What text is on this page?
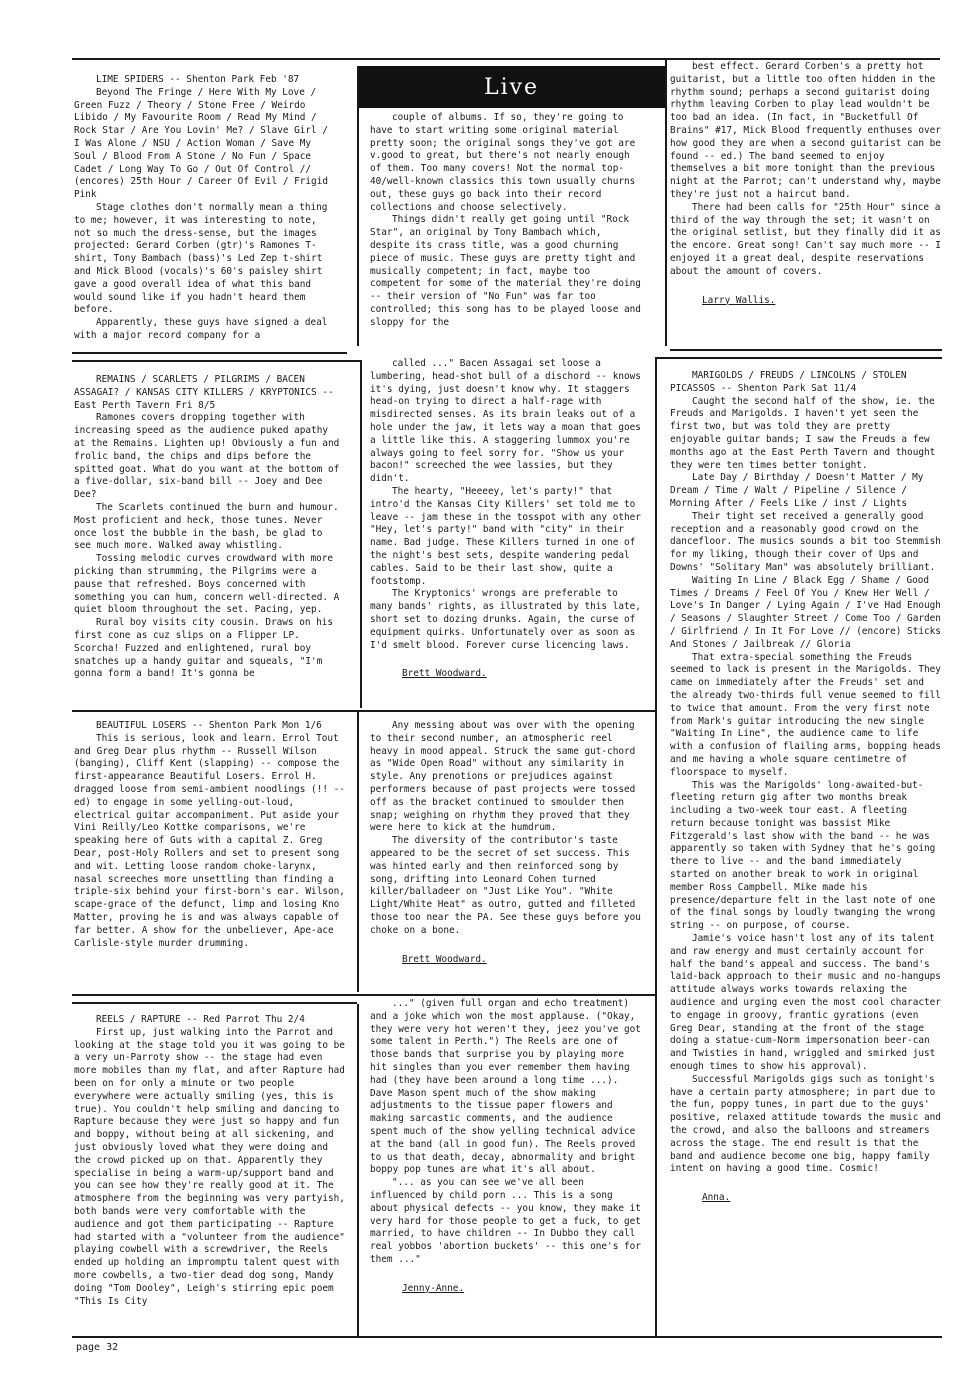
Live

LIME SPIDERS -- Shenton Park Feb '87

Beyond The Fringe / Here With My Love / Green Fuzz / Theory / Stone Free / Weirdo Libido / My Favourite Room / Read My Mind / Rock Star / Are You Lovin' Me? / Slave Girl / I Was Alone / NSU / Action Woman / Save My Soul / Blood From A Stone / No Fun / Space Cadet / Long Way To Go / Out Of Control // (encores) 25th Hour / Career Of Evil / Frigid Pink

Stage clothes don't normally mean a thing to me; however, it was interesting to note, not so much the dress-sense, but the images projected: Gerard Corben (gtr)'s Ramones T-shirt, Tony Bambach (bass)'s Led Zep t-shirt and Mick Blood (vocals)'s 60's paisley shirt gave a good overall idea of what this band would sound like if you hadn't heard them before.

Apparently, these guys have signed a deal with a major record company for a

couple of albums. If so, they're going to have to start writing some original material pretty soon; the original songs they've got are v.good to great, but there's not nearly enough of them. Too many covers! Not the normal top-40/well-known classics this town usually churns out, these guys go back into their record collections and choose selectively.

Things didn't really get going until "Rock Star", an original by Tony Bambach which, despite its crass title, was a good churning piece of music. These guys are pretty tight and musically competent; in fact, maybe too competent for some of the material they're doing -- their version of "No Fun" was far too controlled; this song has to be played loose and sloppy for the

best effect. Gerard Corben's a pretty hot guitarist, but a little too often hidden in the rhythm sound; perhaps a second guitarist doing rhythm leaving Corben to play lead wouldn't be too bad an idea. (In fact, in "Bucketfull Of Brains" #17, Mick Blood frequently enthuses over how good they are when a second guitarist can be found -- ed.) The band seemed to enjoy themselves a bit more tonight than the previous night at the Parrot; can't understand why, maybe they're just not a haircut band.

There had been calls for "25th Hour" since a third of the way through the set; it wasn't on the original setlist, but they finally did it as the encore. Great song! Can't say much more -- I enjoyed it a great deal, despite reservations about the amount of covers.

Larry Wallis.

REMAINS / SCARLETS / PILGRIMS / BACEN ASSAGAI? / KANSAS CITY KILLERS / KRYPTONICS -- East Perth Tavern Fri 8/5

Ramones covers dropping together with increasing speed as the audience puked apathy at the Remains. Lighten up! Obviously a fun and frolic band, the chips and dips before the spitted goat. What do you want at the bottom of a five-dollar, six-band bill -- Joey and Dee Dee?

The Scarlets continued the burn and humour. Most proficient and heck, those tunes. Never once lost the bubble in the bash, be glad to see much more. Walked away whistling.

Tossing melodic curves crowdward with more picking than strumming, the Pilgrims were a pause that refreshed. Boys concerned with something you can hum, concern well-directed. A quiet bloom throughout the set. Pacing, yep.

Rural boy visits city cousin. Draws on his first cone as cuz slips on a Flipper LP. Scorcha! Fuzzed and enlightened, rural boy snatches up a handy guitar and squeals, "I'm gonna form a band! It's gonna be

called ..." Bacen Assagai set loose a lumbering, head-shot bull of a dischord -- knows it's dying, just doesn't know why. It staggers head-on trying to direct a half-rage with misdirected senses. As its brain leaks out of a hole under the jaw, it lets way a moan that goes a little like this. A staggering lummox you're always going to feel sorry for. "Show us your bacon!" screeched the wee lassies, but they didn't.

The hearty, "Heeeey, let's party!" that intro'd the Kansas City Killers' set told me to leave -- jam these in the tosspot with any other "Hey, let's party!" band with "city" in their name. Bad judge. These Killers turned in one of the night's best sets, despite wandering pedal cables. Said to be their last show, quite a footstomp.

The Kryptonics' wrongs are preferable to many bands' rights, as illustrated by this late, short set to dozing drunks. Again, the curse of equipment quirks. Unfortunately over as soon as I'd smelt blood. Forever curse licencing laws.

Brett Woodward.

MARIGOLDS / FREUDS / LINCOLNS / STOLEN PICASSOS -- Shenton Park Sat 11/4

Caught the second half of the show, ie. the Freuds and Marigolds. I haven't yet seen the first two, but was told they are pretty enjoyable guitar bands; I saw the Freuds a few months ago at the East Perth Tavern and thought they were ten times better tonight.

Late Day / Birthday / Doesn't Matter / My Dream / Time / Walt / Pipeline / Silence / Morning After / Feels Like / inst / Lights

Their tight set received a generally good reception and a reasonably good crowd on the dancefloor. The musics sounds a bit too Stemmish for my liking, though their cover of Ups and Downs' "Solitary Man" was absolutely brilliant.

Waiting In Line / Black Egg / Shame / Good Times / Dreams / Feel Of You / Knew Her Well / Love's In Danger / Lying Again / I've Had Enough / Seasons / Slaughter Street / Come Too / Garden / Girlfriend / In It For Love // (encore) Sticks And Stones / Jailbreak // Gloria

That extra-special something the Freuds seemed to lack is present in the Marigolds. They came on immediately after the Freuds' set and the already two-thirds full venue seemed to fill to twice that amount. From the very first note from Mark's guitar introducing the new single "Waiting In Line", the audience came to life with a confusion of flailing arms, bopping heads and me having a whole square centimetre of floorspace to myself.

This was the Marigolds' long-awaited-but-fleeting return gig after two months break including a two-week tour east. A fleeting return because tonight was bassist Mike Fitzgerald's last show with the band -- he was apparently so taken with Sydney that he's going there to live -- and the band immediately started on another break to work in original member Ross Campbell. Mike made his presence/departure felt in the last note of one of the final songs by loudly twanging the wrong string -- on purpose, of course.

Jamie's voice hasn't lost any of its talent and raw energy and must certainly account for half the band's appeal and success. The band's laid-back approach to their music and no-hangups attitude always works towards relaxing the audience and urging even the most cool character to engage in groovy, frantic gyrations (even Greg Dear, standing at the front of the stage doing a statue-cum-Norm impersonation beer-can and Twisties in hand, wriggled and smirked just enough times to show his approval).

Successful Marigolds gigs such as tonight's have a certain party atmosphere; in part due to the fun, poppy tunes, in part due to the guys' positive, relaxed attitude towards the music and the crowd, and also the balloons and streamers across the stage. The end result is that the band and audience become one big, happy family intent on having a good time. Cosmic!

Anna.

BEAUTIFUL LOSERS -- Shenton Park Mon 1/6

This is serious, look and learn. Errol Tout and Greg Dear plus rhythm -- Russell Wilson (banging), Cliff Kent (slapping) -- compose the first-appearance Beautiful Losers. Errol H. dragged loose from semi-ambient noodlings (!! -- ed) to engage in some yelling-out-loud, electrical guitar accompaniment. Put aside your Vini Reilly/Leo Kottke comparisons, we're speaking here of Guts with a capital Z. Greg Dear, post-Holy Rollers and set to present song and wit. Letting loose random choke-larynx, nasal screeches more unsettling than finding a triple-six behind your first-born's ear. Wilson, scape-grace of the defunct, limp and losing Kno Matter, proving he is and was always capable of far better. A show for the unbeliever, Ape-ace Carlisle-style murder drumming.

Any messing about was over with the opening to their second number, an atmospheric reel heavy in mood appeal. Struck the same gut-chord as "Wide Open Road" without any similarity in style. Any prenotions or prejudices against performers because of past projects were tossed off as the bracket continued to smoulder then snap; weighing on rhythm they proved that they were here to kick at the humdrum.

The diversity of the contributor's taste appeared to be the secret of set success. This was hinted early and then reinforced song by song, drifting into Leonard Cohen turned killer/balladeer on "Just Like You". "White Light/White Heat" as outro, gutted and filleted those too near the PA. See these guys before you choke on a bone.

Brett Woodward.

REELS / RAPTURE -- Red Parrot Thu 2/4

First up, just walking into the Parrot and looking at the stage told you it was going to be a very un-Parroty show -- the stage had even more mobiles than my flat, and after Rapture had been on for only a minute or two people everywhere were actually smiling (yes, this is true). You couldn't help smiling and dancing to Rapture because they were just so happy and fun and boppy, without being at all sickening, and just obviously loved what they were doing and the crowd picked up on that. Apparently they specialise in being a warm-up/support band and you can see how they're really good at it. The atmosphere from the beginning was very partyish, both bands were very comfortable with the audience and got them participating -- Rapture had started with a "volunteer from the audience" playing cowbell with a screwdriver, the Reels ended up holding an impromptu talent quest with more cowbells, a two-tier dead dog song, Mandy doing "Tom Dooley", Leigh's stirring epic poem "This Is City

..." (given full organ and echo treatment) and a joke which won the most applause. ("Okay, they were very hot weren't they, jeez you've got some talent in Perth.") The Reels are one of those bands that surprise you by playing more hit singles than you ever remember them having had (they have been around a long time ...). Dave Mason spent much of the show making adjustments to the tissue paper flowers and making sarcastic comments, and the audience spent much of the show yelling technical advice at the band (all in good fun). The Reels proved to us that death, decay, abnormality and bright boppy pop tunes are what it's all about.

"... as you can see we've all been influenced by child porn ... This is a song about physical defects -- you know, they make it very hard for those people to get a fuck, to get married, to have children -- In Dubbo they call real yobbos 'abortion buckets' -- this one's for them ..."

Jenny-Anne.

page 32
